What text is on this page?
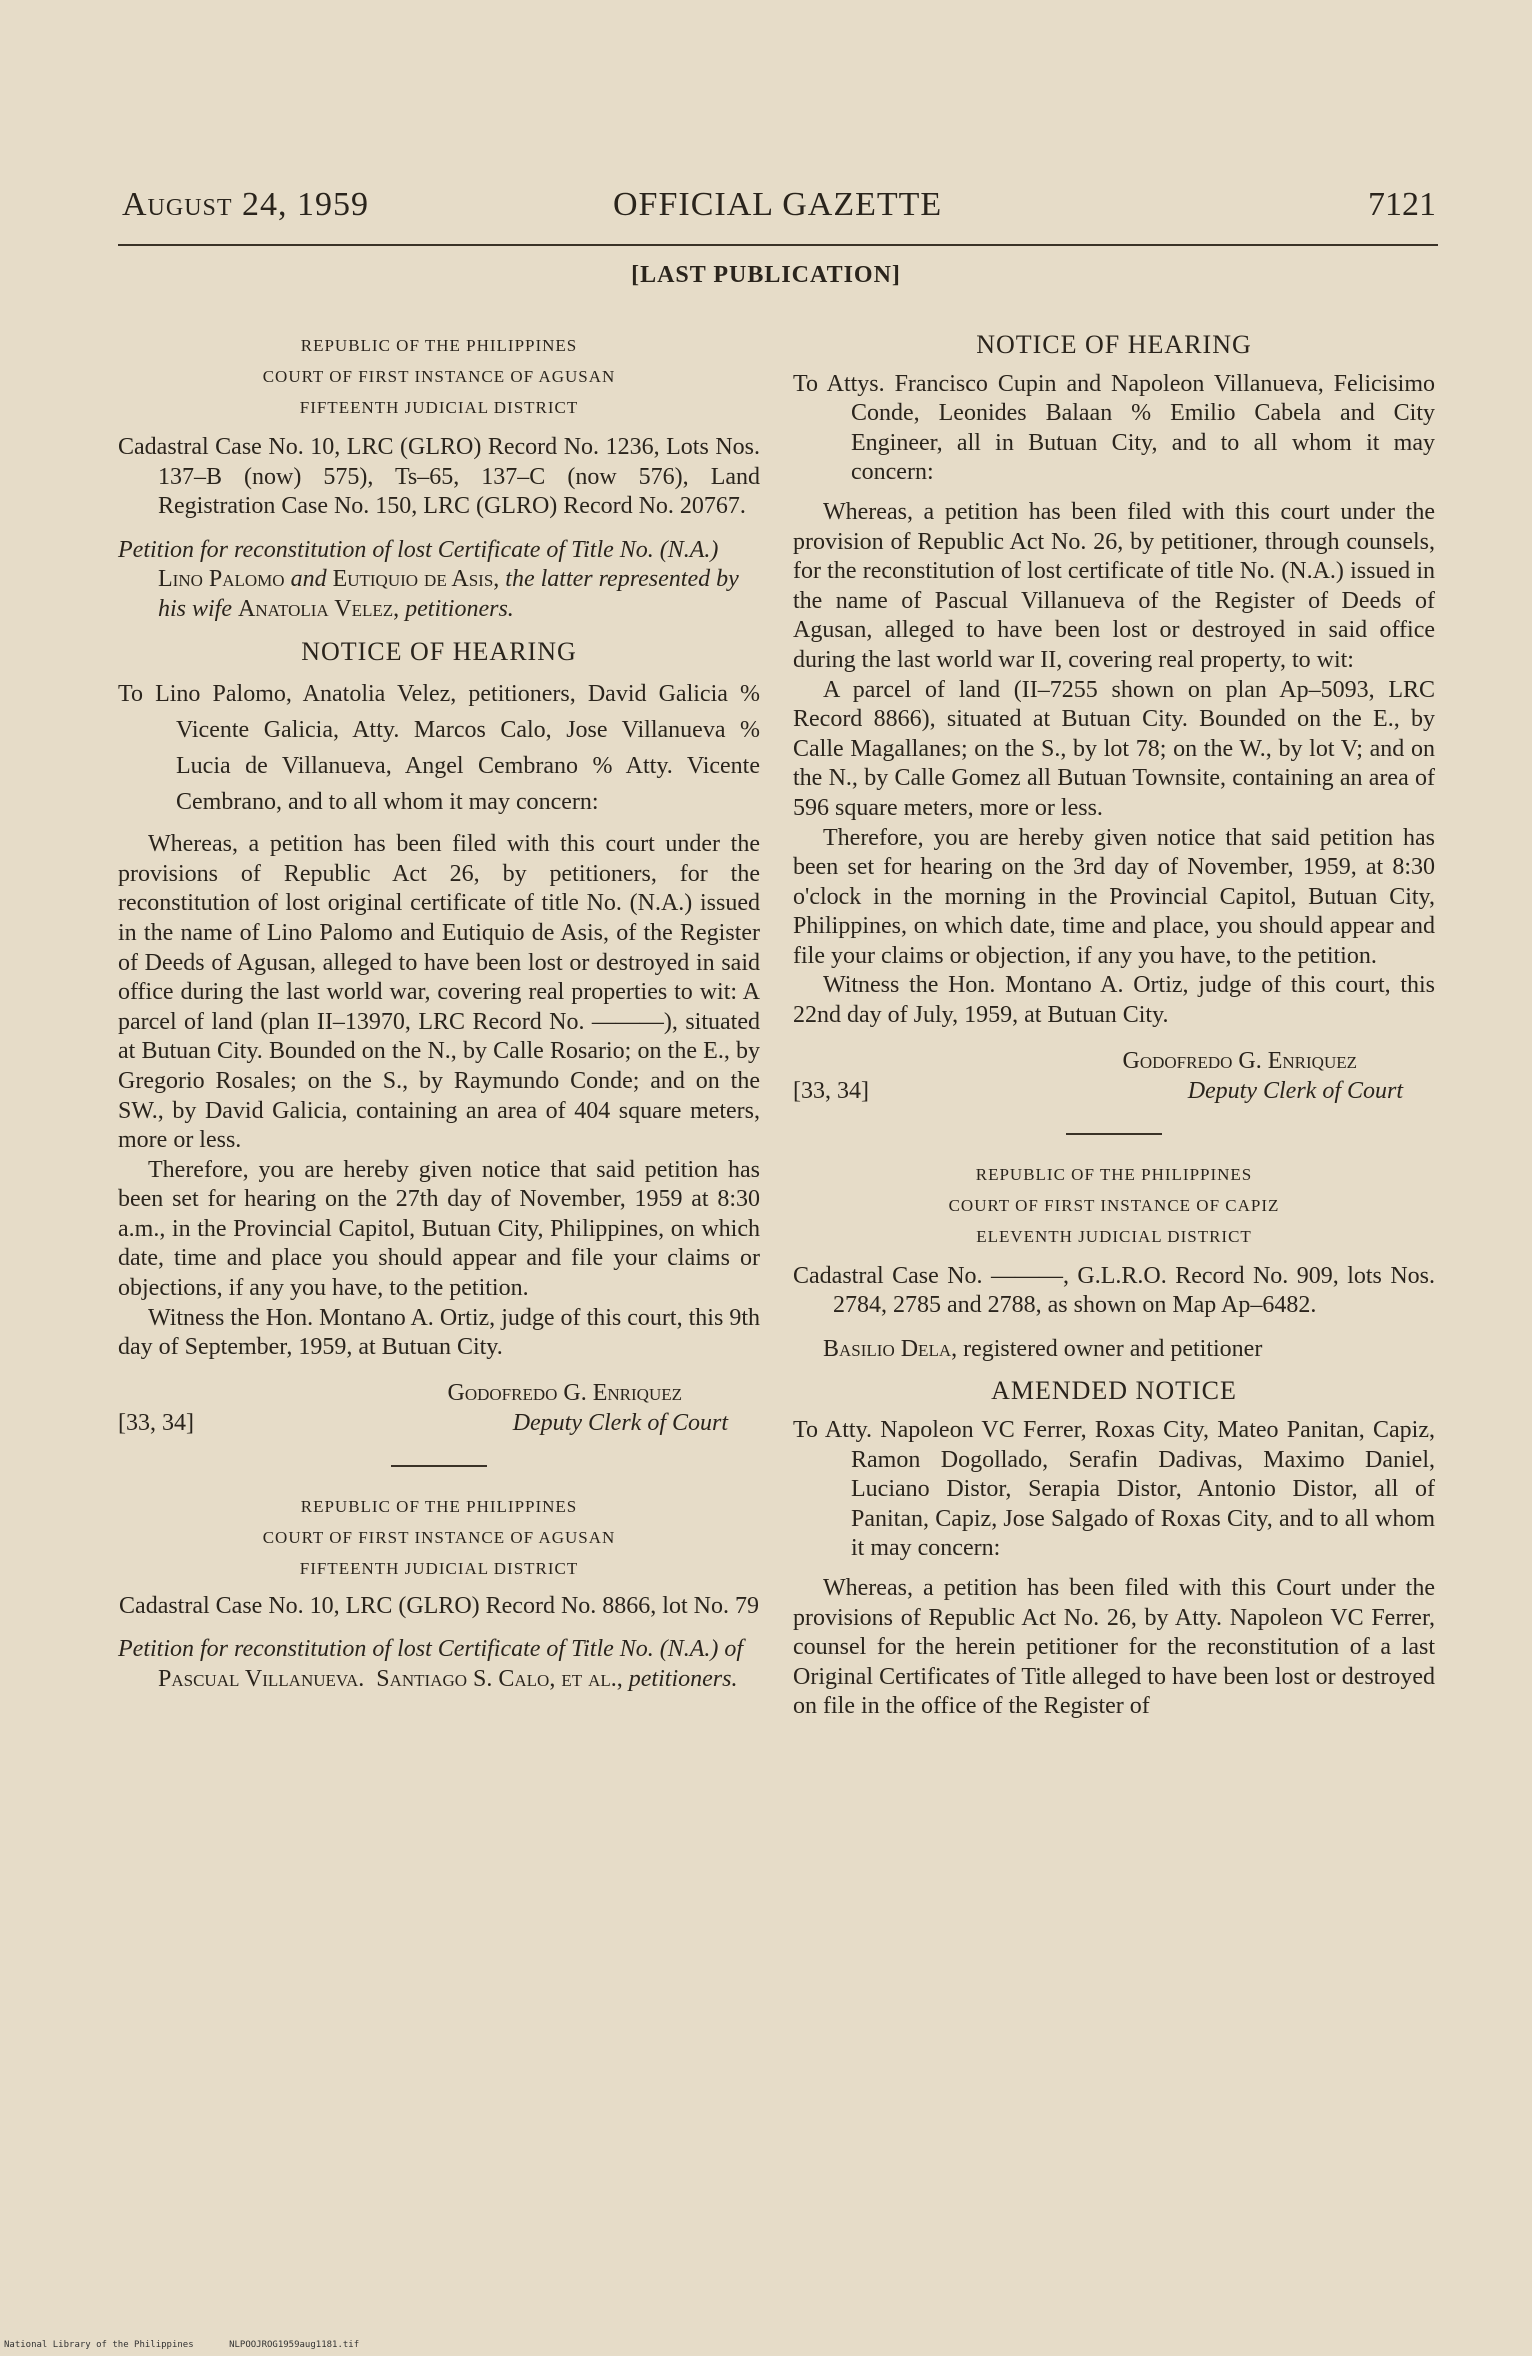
August 24, 1959	OFFICIAL GAZETTE	7121
[LAST PUBLICATION]
REPUBLIC OF THE PHILIPPINES
COURT OF FIRST INSTANCE OF AGUSAN
FIFTEENTH JUDICIAL DISTRICT

Cadastral Case No. 10, LRC (GLRO) Record No. 1236, Lots Nos. 137–B (now) 575), Ts–65, 137–C (now 576), Land Registration Case No. 150, LRC (GLRO) Record No. 20767.

Petition for reconstitution of lost Certificate of Title No. (N.A.) Lino Palomo and Eutiquio de Asis, the latter represented by his wife Anatolia Velez, petitioners.

NOTICE OF HEARING

To Lino Palomo, Anatolia Velez, petitioners, David Galicia % Vicente Galicia, Atty. Marcos Calo, Jose Villanueva % Lucia de Villanueva, Angel Cembrano % Atty. Vicente Cembrano, and to all whom it may concern:

Whereas, a petition has been filed with this court under the provisions of Republic Act 26, by petitioners, for the reconstitution of lost original certificate of title No. (N.A.) issued in the name of Lino Palomo and Eutiquio de Asis, of the Register of Deeds of Agusan, alleged to have been lost or destroyed in said office during the last world war, covering real properties to wit: A parcel of land (plan II–13970, LRC Record No. ———), situated at Butuan City. Bounded on the N., by Calle Rosario; on the E., by Gregorio Rosales; on the S., by Raymundo Conde; and on the SW., by David Galicia, containing an area of 404 square meters, more or less.

Therefore, you are hereby given notice that said petition has been set for hearing on the 27th day of November, 1959 at 8:30 a.m., in the Provincial Capitol, Butuan City, Philippines, on which date, time and place you should appear and file your claims or objections, if any you have, to the petition.

Witness the Hon. Montano A. Ortiz, judge of this court, this 9th day of September, 1959, at Butuan City.

Godofredo G. Enriquez
Deputy Clerk of Court
[33, 34]
REPUBLIC OF THE PHILIPPINES
COURT OF FIRST INSTANCE OF AGUSAN
FIFTEENTH JUDICIAL DISTRICT

Cadastral Case No. 10, LRC (GLRO) Record No. 8866, lot No. 79

Petition for reconstitution of lost Certificate of Title No. (N.A.) of Pascual Villanueva. Santiago S. Calo, et al., petitioners.

NOTICE OF HEARING

To Attys. Francisco Cupin and Napoleon Villanueva, Felicisimo Conde, Leonides Balaan % Emilio Cabela and City Engineer, all in Butuan City, and to all whom it may concern:

Whereas, a petition has been filed with this court under the provision of Republic Act No. 26, by petitioner, through counsels, for the reconstitution of lost certificate of title No. (N.A.) issued in the name of Pascual Villanueva of the Register of Deeds of Agusan, alleged to have been lost or destroyed in said office during the last world war II, covering real property, to wit:

A parcel of land (II–7255 shown on plan Ap–5093, LRC Record 8866), situated at Butuan City. Bounded on the E., by Calle Magallanes; on the S., by lot 78; on the W., by lot V; and on the N., by Calle Gomez all Butuan Townsite, containing an area of 596 square meters, more or less.

Therefore, you are hereby given notice that said petition has been set for hearing on the 3rd day of November, 1959, at 8:30 o'clock in the morning in the Provincial Capitol, Butuan City, Philippines, on which date, time and place, you should appear and file your claims or objection, if any you have, to the petition.

Witness the Hon. Montano A. Ortiz, judge of this court, this 22nd day of July, 1959, at Butuan City.

Godofredo G. Enriquez
Deputy Clerk of Court
[33, 34]
REPUBLIC OF THE PHILIPPINES
COURT OF FIRST INSTANCE OF CAPIZ
ELEVENTH JUDICIAL DISTRICT

Cadastral Case No. ———, G.L.R.O. Record No. 909, lots Nos. 2784, 2785 and 2788, as shown on Map Ap–6482.

Basilio Dela, registered owner and petitioner

AMENDED NOTICE

To Atty. Napoleon VC Ferrer, Roxas City, Mateo Panitan, Capiz, Ramon Dogollado, Serafin Dadivas, Maximo Daniel, Luciano Distor, Serapia Distor, Antonio Distor, all of Panitan, Capiz, Jose Salgado of Roxas City, and to all whom it may concern:

Whereas, a petition has been filed with this Court under the provisions of Republic Act No. 26, by Atty. Napoleon VC Ferrer, counsel for the herein petitioner for the reconstitution of a last Original Certificates of Title alleged to have been lost or destroyed on file in the office of the Register of

National Library of the Philippines	NLPOOJROG1959aug1181.tif
